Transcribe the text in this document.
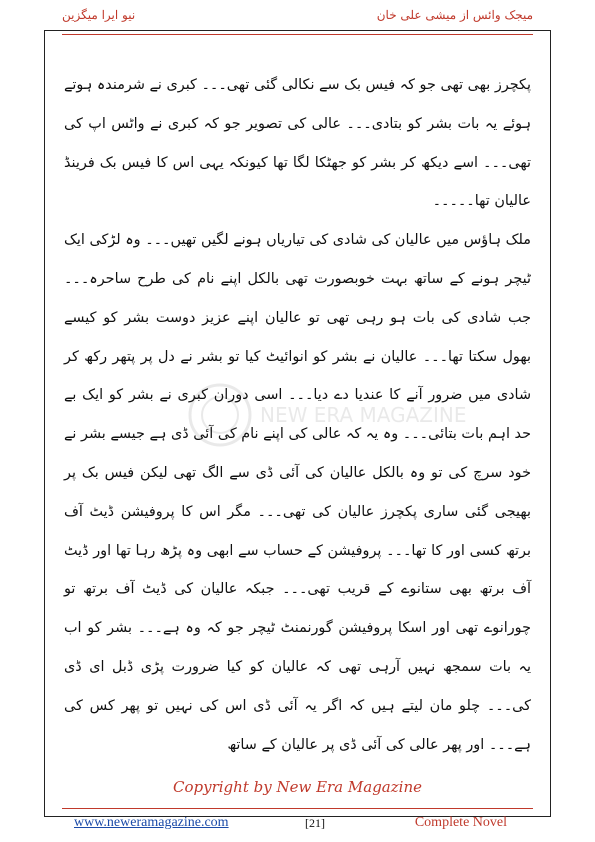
نیو ایرا میگزین	میجک وائس از میشی علی خان
NEW ERA MAGAZINE

پکچرز بھی تھی جو کہ فیس بک سے نکالی گئی تھی۔۔۔ کبری نے شرمندہ ہوتے ہوئے یہ بات بشر کو بتادی۔۔۔ عالی کی تصویر جو کہ کبری نے واٹس اپ کی تھی۔۔۔ اسے دیکھ کر بشر کو جھٹکا لگا تھا کیونکہ یہی اس کا فیس بک فرینڈ عالیان تھا۔۔۔۔۔

ملک ہاؤس میں عالیان کی شادی کی تیاریاں ہونے لگیں تھیں۔۔۔ وہ لڑکی ایک ٹیچر ہونے کے ساتھ بہت خوبصورت تھی بالکل اپنے نام کی طرح ساحرہ۔۔۔ جب شادی کی بات ہو رہی تھی تو عالیان اپنے عزیز دوست بشر کو کیسے بھول سکتا تھا۔۔۔ عالیان نے بشر کو انوائیٹ کیا تو بشر نے دل پر پتھر رکھ کر شادی میں ضرور آنے کا عندیا دے دیا۔۔۔ اسی دوران کبری نے بشر کو ایک بے حد اہم بات بتائی۔۔۔ وہ یہ کہ عالی کی اپنے نام کی آئی ڈی ہے جیسے بشر نے خود سرچ کی تو وہ بالکل عالیان کی آئی ڈی سے الگ تھی لیکن فیس بک پر بھیجی گئی ساری پکچرز عالیان کی تھی۔۔۔ مگر اس کا پروفیشن ڈیٹ آف برتھ کسی اور کا تھا۔۔۔ پروفیشن کے حساب سے ابھی وہ پڑھ رہا تھا اور ڈیٹ آف برتھ بھی ستانوے کے قریب تھی۔۔۔ جبکہ عالیان کی ڈیٹ آف برتھ تو چورانوے تھی اور اسکا پروفیشن گورنمنٹ ٹیچر جو کہ وہ ہے۔۔۔ بشر کو اب یہ بات سمجھ نہیں آرہی تھی کہ عالیان کو کیا ضرورت پڑی ڈبل ای ڈی کی۔۔۔ چلو مان لیتے ہیں کہ اگر یہ آئی ڈی اس کی نہیں تو پھر کس کی ہے۔۔۔ اور پھر عالی کی آئی ڈی پر عالیان کے ساتھ

Copyright by New Era Magazine
www.neweramagazine.com	[21]	Complete Novel
